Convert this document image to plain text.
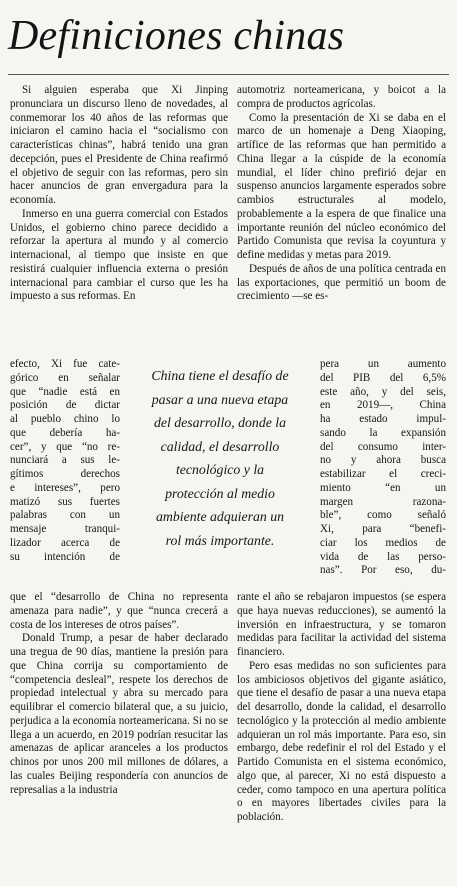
Definiciones chinas

Si alguien esperaba que Xi Jinping pronunciara un discurso lleno de novedades, al conmemorar los 40 años de las reformas que iniciaron el camino hacia el “socialismo con características chinas”, habrá tenido una gran decepción, pues el Presidente de China reafirmó el objetivo de seguir con las reformas, pero sin hacer anuncios de gran envergadura para la economía.

Inmerso en una guerra comercial con Estados Unidos, el gobierno chino parece decidido a reforzar la apertura al mundo y al comercio internacional, al tiempo que insiste en que resistirá cualquier influencia externa o presión internacional para cambiar el curso que les ha impuesto a sus reformas. En

automotriz norteamericana, y boicot a la compra de productos agrícolas.

Como la presentación de Xi se daba en el marco de un homenaje a Deng Xiaoping, artífice de las reformas que han permitido a China llegar a la cúspide de la economía mundial, el líder chino prefirió dejar en suspenso anuncios largamente esperados sobre cambios estructurales al modelo, probablemente a la espera de que finalice una importante reunión del núcleo económico del Partido Comunista que revisa la coyuntura y define medidas y metas para 2019.

Después de años de una política centrada en las exportaciones, que permitió un boom de crecimiento —se es-

efecto, Xi fue cate-
górico en señalar
que “nadie está en
posición de dictar
al pueblo chino lo
que debería ha-
cer”, y que “no re-
nunciará a sus le-
gítimos derechos
e intereses”, pero
matizó sus fuertes
palabras con un
mensaje tranqui-
lizador acerca de
su intención de
China tiene el desafío de
pasar a una nueva etapa
del desarrollo, donde la
calidad, el desarrollo
tecnológico y la
protección al medio
ambiente adquieran un
rol más importante.
pera un aumento
del PIB del 6,5%
este año, y del seis,
en 2019—, China
ha estado impul-
sando la expansión
del consumo inter-
no y ahora busca
estabilizar el creci-
miento “en un
margen razona-
ble”, como señaló
Xi, para “benefi-
ciar los medios de
vida de las perso-
nas”. Por eso, du-

que el “desarrollo de China no representa amenaza para nadie”, y que “nunca crecerá a costa de los intereses de otros países”.

Donald Trump, a pesar de haber declarado una tregua de 90 días, mantiene la presión para que China corrija su comportamiento de “competencia desleal”, respete los derechos de propiedad intelectual y abra su mercado para equilibrar el comercio bilateral que, a su juicio, perjudica a la economía norteamericana. Si no se llega a un acuerdo, en 2019 podrían resucitar las amenazas de aplicar aranceles a los productos chinos por unos 200 mil millones de dólares, a las cuales Beijing respondería con anuncios de represalias a la industria

rante el año se rebajaron impuestos (se espera que haya nuevas reducciones), se aumentó la inversión en infraestructura, y se tomaron medidas para facilitar la actividad del sistema financiero.

Pero esas medidas no son suficientes para los ambiciosos objetivos del gigante asiático, que tiene el desafío de pasar a una nueva etapa del desarrollo, donde la calidad, el desarrollo tecnológico y la protección al medio ambiente adquieran un rol más importante. Para eso, sin embargo, debe redefinir el rol del Estado y el Partido Comunista en el sistema económico, algo que, al parecer, Xi no está dispuesto a ceder, como tampoco en una apertura política o en mayores libertades civiles para la población.
